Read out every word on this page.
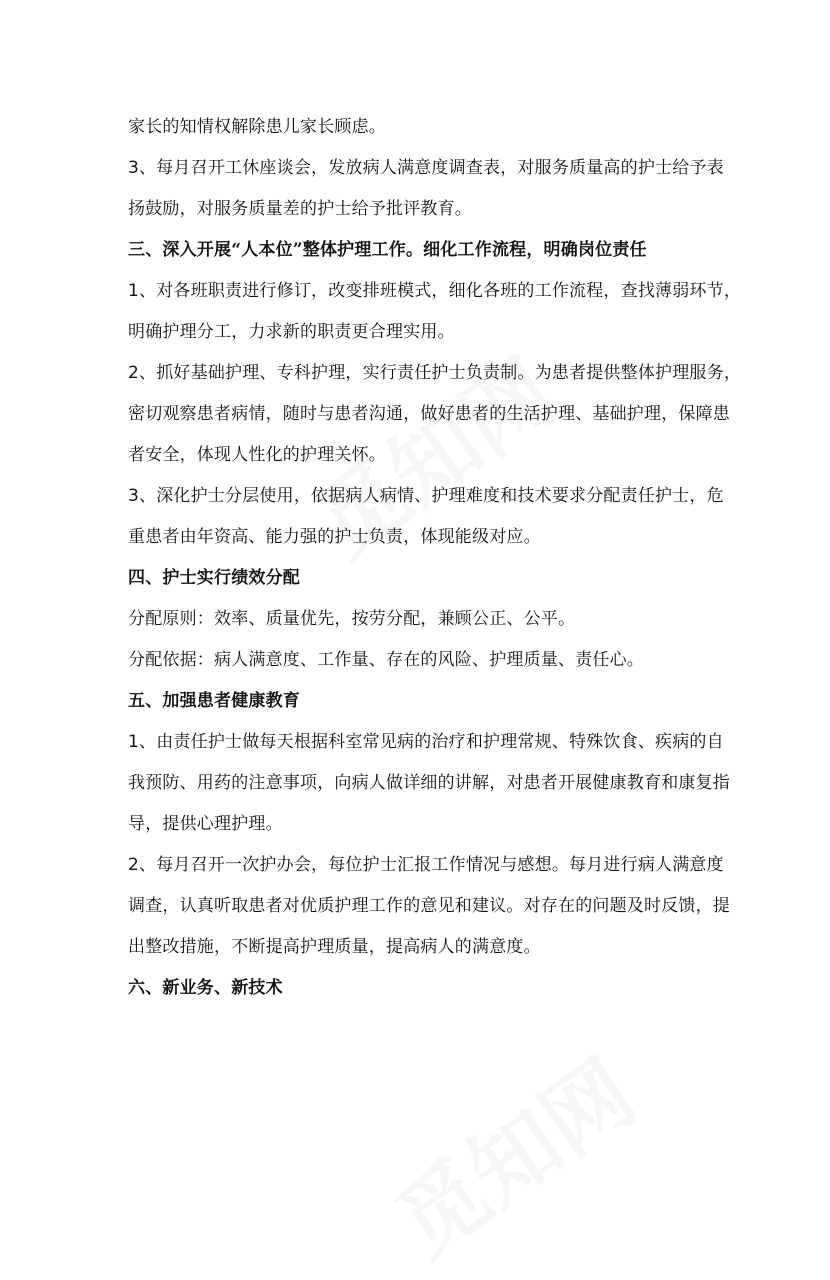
家长的知情权解除患儿家长顾虑。
3、每月召开工休座谈会，发放病人满意度调查表，对服务质量高的护士给予表
扬鼓励，对服务质量差的护士给予批评教育。
三、深入开展“人本位”整体护理工作。细化工作流程，明确岗位责任
1、对各班职责进行修订，改变排班模式，细化各班的工作流程，查找薄弱环节，
明确护理分工，力求新的职责更合理实用。
2、抓好基础护理、专科护理，实行责任护士负责制。为患者提供整体护理服务，
密切观察患者病情，随时与患者沟通，做好患者的生活护理、基础护理，保障患
者安全，体现人性化的护理关怀。
3、深化护士分层使用，依据病人病情、护理难度和技术要求分配责任护士，危
重患者由年资高、能力强的护士负责，体现能级对应。
四、护士实行绩效分配
分配原则：效率、质量优先，按劳分配，兼顾公正、公平。
分配依据：病人满意度、工作量、存在的风险、护理质量、责任心。
五、加强患者健康教育
1、由责任护士做每天根据科室常见病的治疗和护理常规、特殊饮食、疾病的自
我预防、用药的注意事项，向病人做详细的讲解，对患者开展健康教育和康复指
导，提供心理护理。
2、每月召开一次护办会，每位护士汇报工作情况与感想。每月进行病人满意度
调查，认真听取患者对优质护理工作的意见和建议。对存在的问题及时反馈，提
出整改措施，不断提高护理质量，提高病人的满意度。
六、新业务、新技术
